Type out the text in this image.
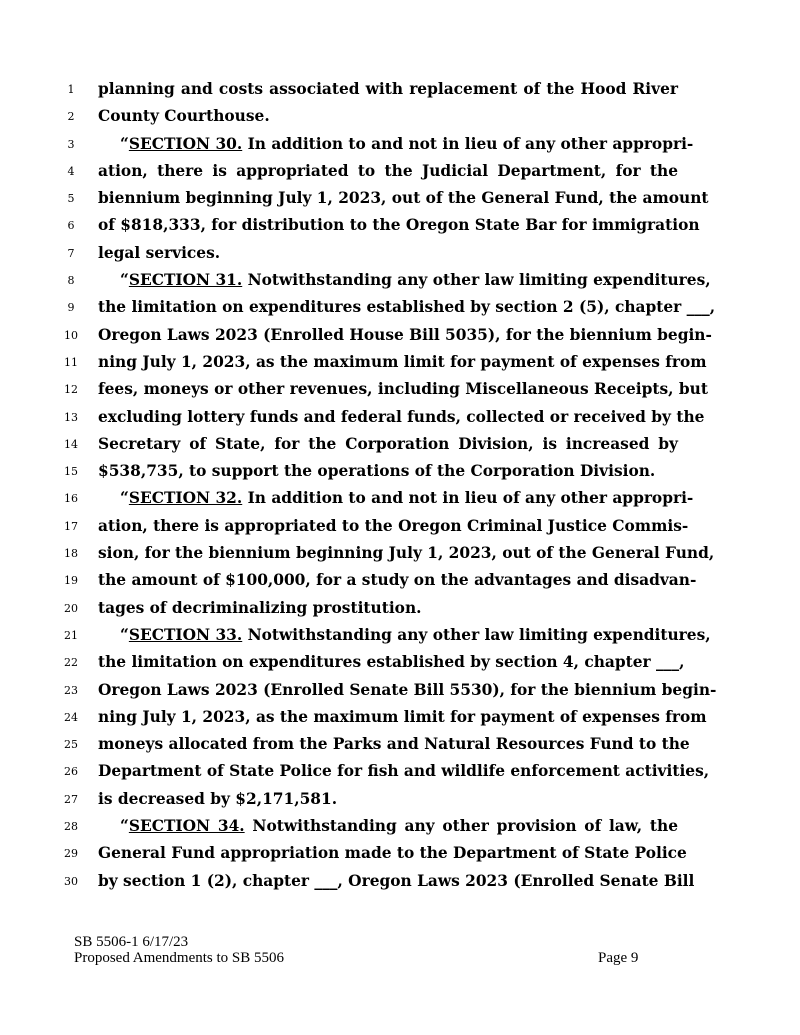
1	planning and costs associated with replacement of the Hood River
2	County Courthouse.
3	“SECTION 30. In addition to and not in lieu of any other appropri-
4	ation, there is appropriated to the Judicial Department, for the
5	biennium beginning July 1, 2023, out of the General Fund, the amount
6	of $818,333, for distribution to the Oregon State Bar for immigration
7	legal services.
8	“SECTION 31. Notwithstanding any other law limiting expenditures,
9	the limitation on expenditures established by section 2 (5), chapter ___,
10	Oregon Laws 2023 (Enrolled House Bill 5035), for the biennium begin-
11	ning July 1, 2023, as the maximum limit for payment of expenses from
12	fees, moneys or other revenues, including Miscellaneous Receipts, but
13	excluding lottery funds and federal funds, collected or received by the
14	Secretary of State, for the Corporation Division, is increased by
15	$538,735, to support the operations of the Corporation Division.
16	“SECTION 32. In addition to and not in lieu of any other appropri-
17	ation, there is appropriated to the Oregon Criminal Justice Commis-
18	sion, for the biennium beginning July 1, 2023, out of the General Fund,
19	the amount of $100,000, for a study on the advantages and disadvan-
20	tages of decriminalizing prostitution.
21	“SECTION 33. Notwithstanding any other law limiting expenditures,
22	the limitation on expenditures established by section 4, chapter ___,
23	Oregon Laws 2023 (Enrolled Senate Bill 5530), for the biennium begin-
24	ning July 1, 2023, as the maximum limit for payment of expenses from
25	moneys allocated from the Parks and Natural Resources Fund to the
26	Department of State Police for fish and wildlife enforcement activities,
27	is decreased by $2,171,581.
28	“SECTION 34. Notwithstanding any other provision of law, the
29	General Fund appropriation made to the Department of State Police
30	by section 1 (2), chapter ___, Oregon Laws 2023 (Enrolled Senate Bill
SB 5506-1 6/17/23
Proposed Amendments to SB 5506	Page 9
